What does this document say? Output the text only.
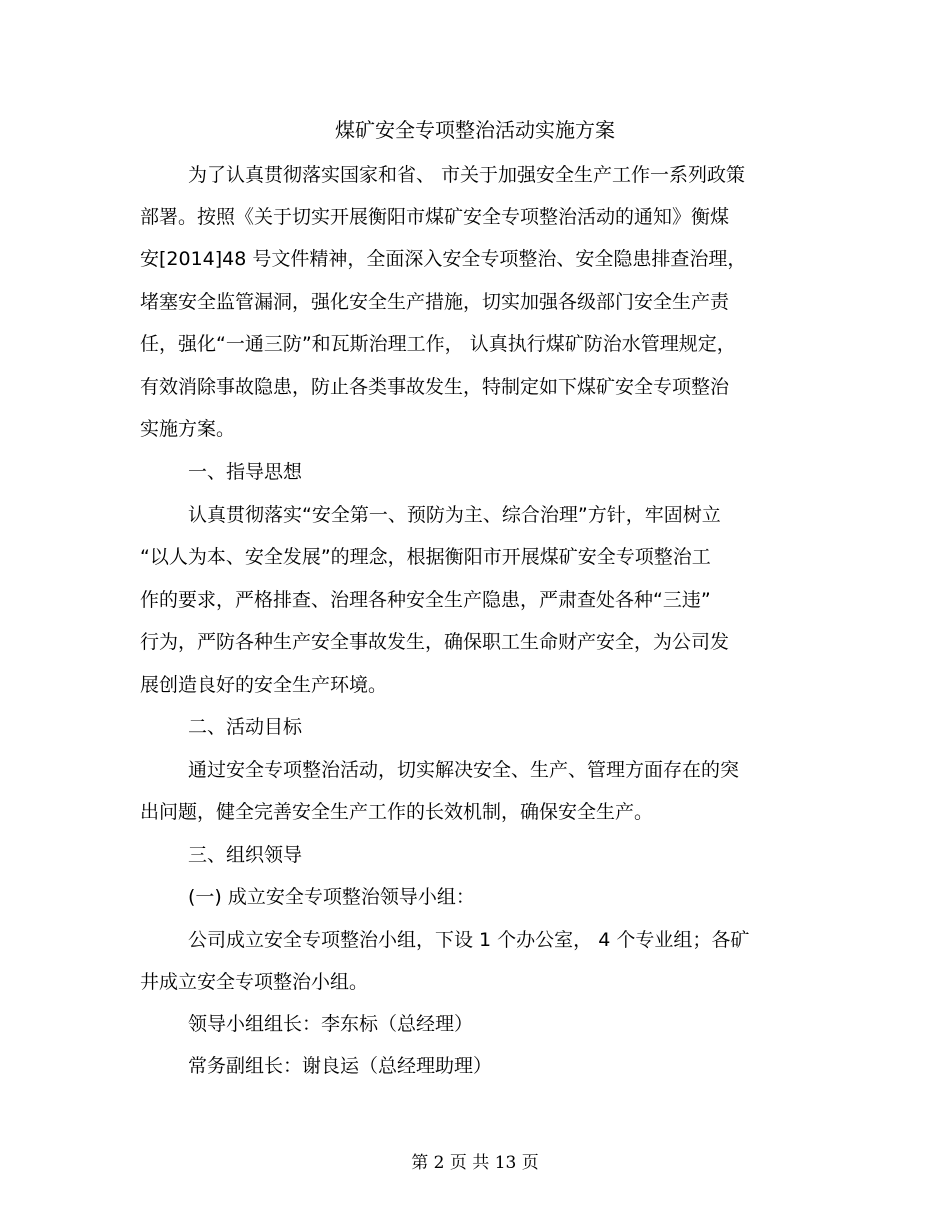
煤矿安全专项整治活动实施方案
为了认真贯彻落实国家和省、 市关于加强安全生产工作一系列政策
部署。按照《关于切实开展衡阳市煤矿安全专项整治活动的通知》衡煤
安[2014]48 号文件精神，全面深入安全专项整治、安全隐患排查治理，
堵塞安全监管漏洞，强化安全生产措施，切实加强各级部门安全生产责
任，强化“一通三防”和瓦斯治理工作， 认真执行煤矿防治水管理规定，
有效消除事故隐患，防止各类事故发生，特制定如下煤矿安全专项整治
实施方案。
一、指导思想
认真贯彻落实“安全第一、预防为主、综合治理”方针，牢固树立
“以人为本、安全发展”的理念，根据衡阳市开展煤矿安全专项整治工
作的要求，严格排查、治理各种安全生产隐患，严肃查处各种“三违”
行为，严防各种生产安全事故发生，确保职工生命财产安全，为公司发
展创造良好的安全生产环境。
二、活动目标
通过安全专项整治活动，切实解决安全、生产、管理方面存在的突
出问题，健全完善安全生产工作的长效机制，确保安全生产。
三、组织领导
(一) 成立安全专项整治领导小组：
公司成立安全专项整治小组，下设 1 个办公室， 4 个专业组；各矿
井成立安全专项整治小组。
领导小组组长：李东标（总经理）
常务副组长：谢良运（总经理助理）
第 2 页 共 13 页
